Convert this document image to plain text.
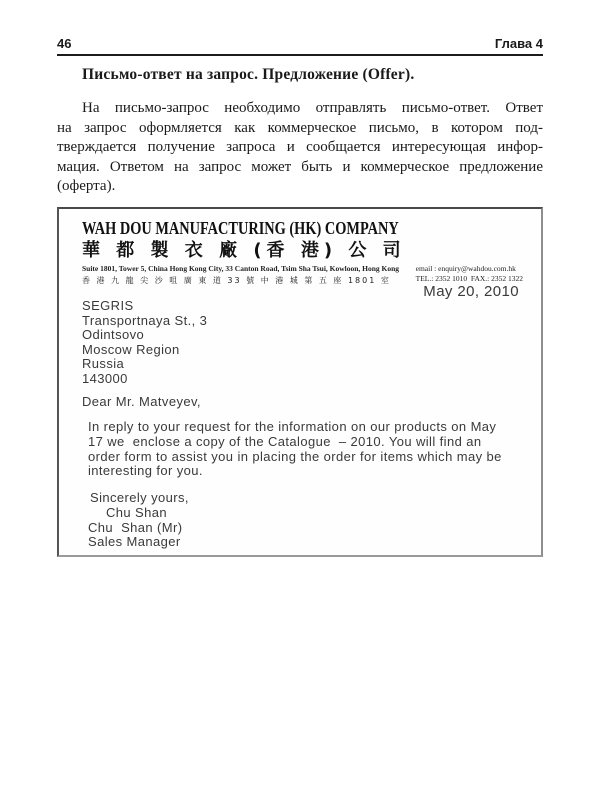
46	Глава 4
Письмо-ответ на запрос. Предложение (Offer).
На письмо-запрос необходимо отправлять письмо-ответ. Ответ
на запрос оформляется как коммерческое письмо, в котором под-
тверждается получение запроса и сообщается интересующая инфор-
мация. Ответом на запрос может быть и коммерческое предложение
(оферта).
WAH DOU MANUFACTURING (HK) COMPANY
華 都 製 衣 廠 (香 港) 公 司
Suite 1801, Tower 5, China Hong Kong City, 33 Canton Road, Tsim Sha Tsui, Kowloon, Hong Kong
香 港 九 龍 尖 沙 咀 廣 東 道 33 號 中 港 城 第 五 座 1801 室
email : enquiry@wahdou.com.hk
TEL.: 2352 1010  FAX.: 2352 1322
May 20, 2010
SEGRIS
Transportnaya St., 3
Odintsovo
Moscow Region
Russia
143000
Dear Mr. Matveyev,
In reply to your request for the information on our products on May
17 we  enclose a copy of the Catalogue  – 2010. You will find an
order form to assist you in placing the order for items which may be
interesting for you.
Sincerely yours,
Chu Shan
Chu  Shan (Mr)
Sales Manager
